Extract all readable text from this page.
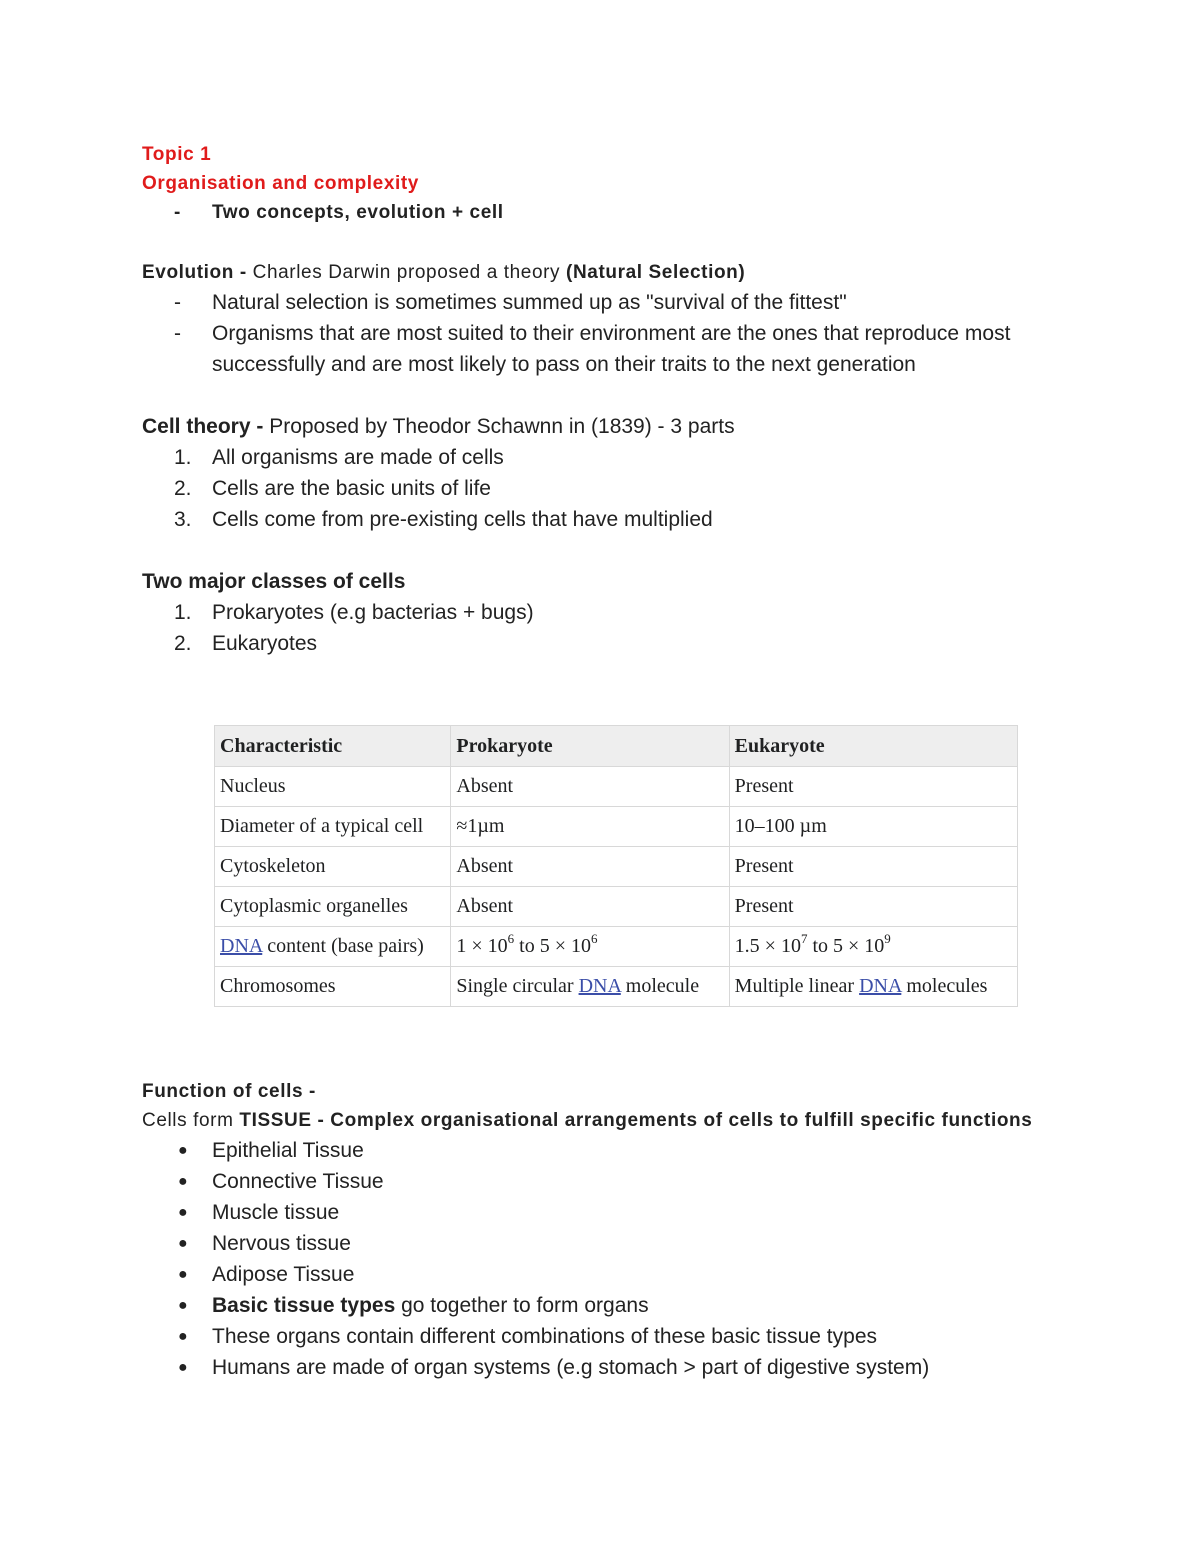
Topic 1
Organisation and complexity
- Two concepts, evolution + cell
Evolution - Charles Darwin proposed a theory (Natural Selection)
- Natural selection is sometimes summed up as "survival of the fittest"
- Organisms that are most suited to their environment are the ones that reproduce most successfully and are most likely to pass on their traits to the next generation
Cell theory - Proposed by Theodor Schawnn in (1839) - 3 parts
1. All organisms are made of cells
2. Cells are the basic units of life
3. Cells come from pre-existing cells that have multiplied
Two major classes of cells
1. Prokaryotes (e.g bacterias + bugs)
2. Eukaryotes
Characteristic	Prokaryote	Eukaryote
Nucleus	Absent	Present
Diameter of a typical cell	≈1µm	10–100 µm
Cytoskeleton	Absent	Present
Cytoplasmic organelles	Absent	Present
DNA content (base pairs)	$1 \times 10^6$ to $5 \times 10^6$	$1.5 \times 10^7$ to $5 \times 10^9$
Chromosomes	Single circular DNA molecule	Multiple linear DNA molecules
Function of cells -
Cells form TISSUE - Complex organisational arrangements of cells to fulfill specific functions
● Epithelial Tissue
● Connective Tissue
● Muscle tissue
● Nervous tissue
● Adipose Tissue
● Basic tissue types go together to form organs
● These organs contain different combinations of these basic tissue types
● Humans are made of organ systems (e.g stomach > part of digestive system)
